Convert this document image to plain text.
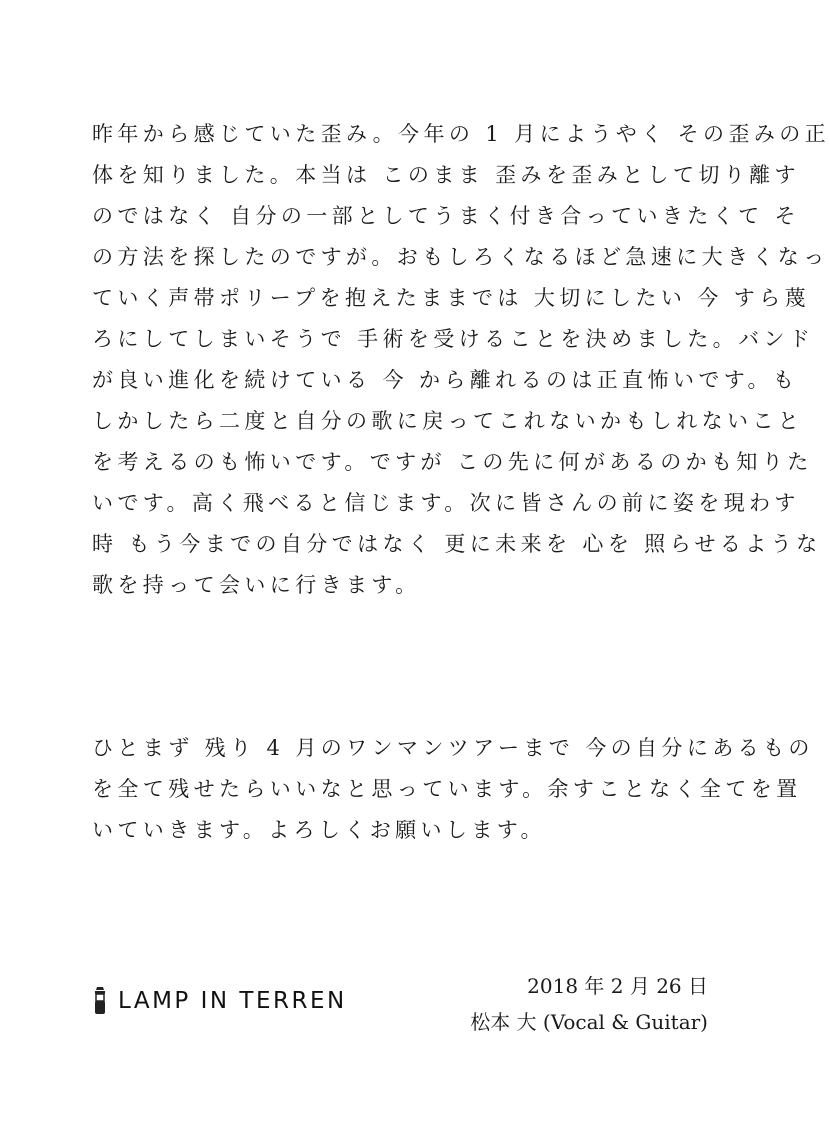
昨年から感じていた歪み。今年の 1 月にようやく その歪みの正
体を知りました。本当は このまま 歪みを歪みとして切り離す
のではなく 自分の一部としてうまく付き合っていきたくて そ
の方法を探したのですが。おもしろくなるほど急速に大きくなっ
ていく声帯ポリープを抱えたままでは 大切にしたい 今 すら蔑
ろにしてしまいそうで 手術を受けることを決めました。バンド
が良い進化を続けている 今 から離れるのは正直怖いです。も
しかしたら二度と自分の歌に戻ってこれないかもしれないこと
を考えるのも怖いです。ですが この先に何があるのかも知りた
いです。高く飛べると信じます。次に皆さんの前に姿を現わす
時 もう今までの自分ではなく 更に未来を 心を 照らせるような
歌を持って会いに行きます。
ひとまず 残り 4 月のワンマンツアーまで 今の自分にあるもの
を全て残せたらいいなと思っています。余すことなく全てを置
いていきます。よろしくお願いします。
LAMP IN TERREN
2018 年 2 月 26 日
松本 大 (Vocal & Guitar)
